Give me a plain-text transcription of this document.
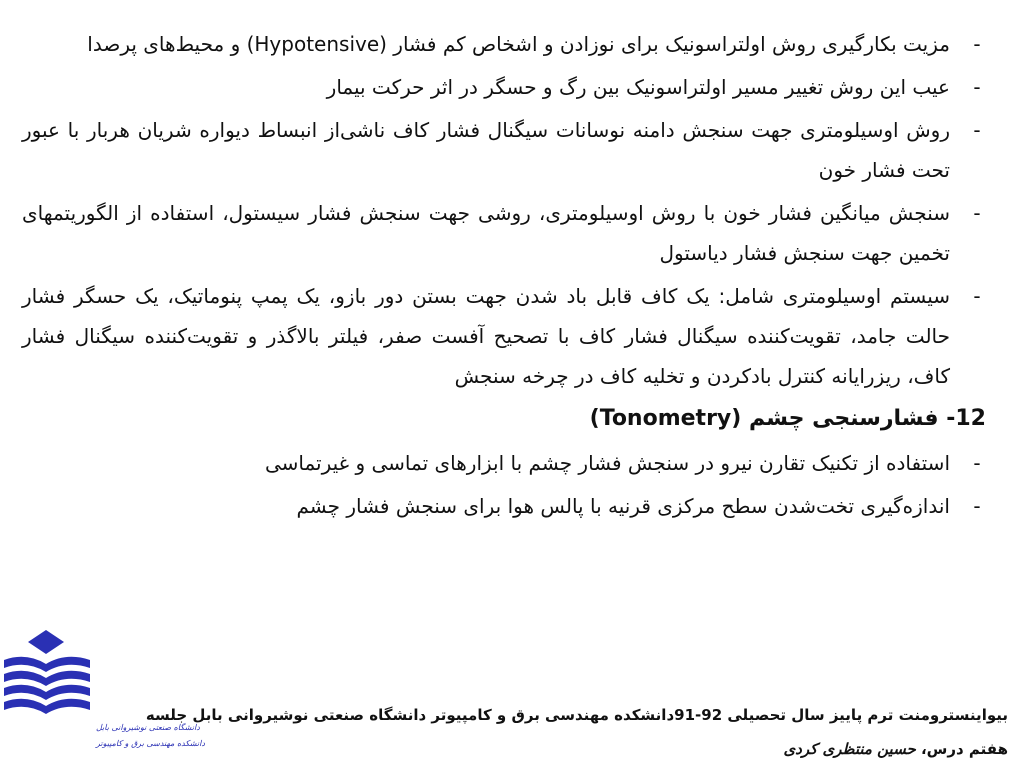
-
مزیت بکارگیری روش اولتراسونیک برای نوزادن و اشخاص کم فشار (Hypotensive) و محیط‌های پرصدا
-
عیب این روش تغییر مسیر اولتراسونیک بین رگ و حسگر در اثر حرکت بیمار
-
روش اوسیلومتری جهت سنجش دامنه نوسانات سیگنال فشار کاف ناشی‌از انبساط دیواره شریان هربار با عبور تحت فشار خون
-
سنجش میانگین فشار خون با روش اوسیلومتری، روشی جهت سنجش فشار سیستول، استفاده از الگوریتمهای تخمین جهت سنجش فشار دیاستول
-
سیستم اوسیلومتری شامل: یک کاف قابل باد شدن جهت بستن دور بازو، یک پمپ پنوماتیک، یک حسگر فشار حالت جامد، تقویت‌کننده سیگنال فشار کاف با تصحیح آفست صفر، فیلتر بالاگذر و تقویت‌کننده سیگنال فشار کاف، ریزرایانه کنترل بادکردن و تخلیه کاف در چرخه سنجش
12- فشارسنجی چشم (Tonometry)
-
استفاده از تکنیک تقارن نیرو در سنجش فشار چشم با ابزارهای تماسی و غیرتماسی
-
اندازه‌گیری تخت‌شدن سطح مرکزی قرنیه با پالس هوا برای سنجش فشار چشم
دانشگاه صنعتی نوشیروانی بابل
دانشکده مهندسی برق و کامپیوتر
بیواینسترومنت ترم پاییز سال تحصیلی 92-91دانشکده مهندسی برق و کامپیوتر دانشگاه صنعتی نوشیروانی بابل جلسه
هفتم درس، حسین منتظری کردی
